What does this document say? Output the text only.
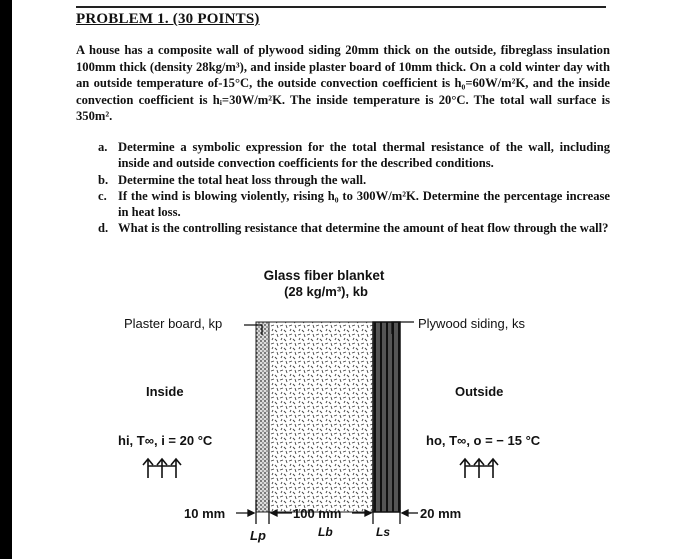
PROBLEM 1. (30 POINTS)
A house has a composite wall of plywood siding 20mm thick on the outside, fibreglass insulation 100mm thick (density 28kg/m³), and inside plaster board of 10mm thick. On a cold winter day with an outside temperature of-15°C, the outside convection coefficient is h₀=60W/m²K, and the inside convection coefficient is hᵢ=30W/m²K. The inside temperature is 20°C. The total wall surface is 350m².
a. Determine a symbolic expression for the total thermal resistance of the wall, including inside and outside convection coefficients for the described conditions.
b. Determine the total heat loss through the wall.
c. If the wind is blowing violently, rising h₀ to 300W/m²K. Determine the percentage increase in heat loss.
d. What is the controlling resistance that determine the amount of heat flow through the wall?
Glass fiber blanket
(28 kg/m³), kb
Plaster board, kp	Plywood siding, ks
Inside	Outside
hi, T∞, i = 20 °C	ho, T∞, o = − 15 °C
10 mm	100 mm	20 mm
Lp	Lb	Ls
